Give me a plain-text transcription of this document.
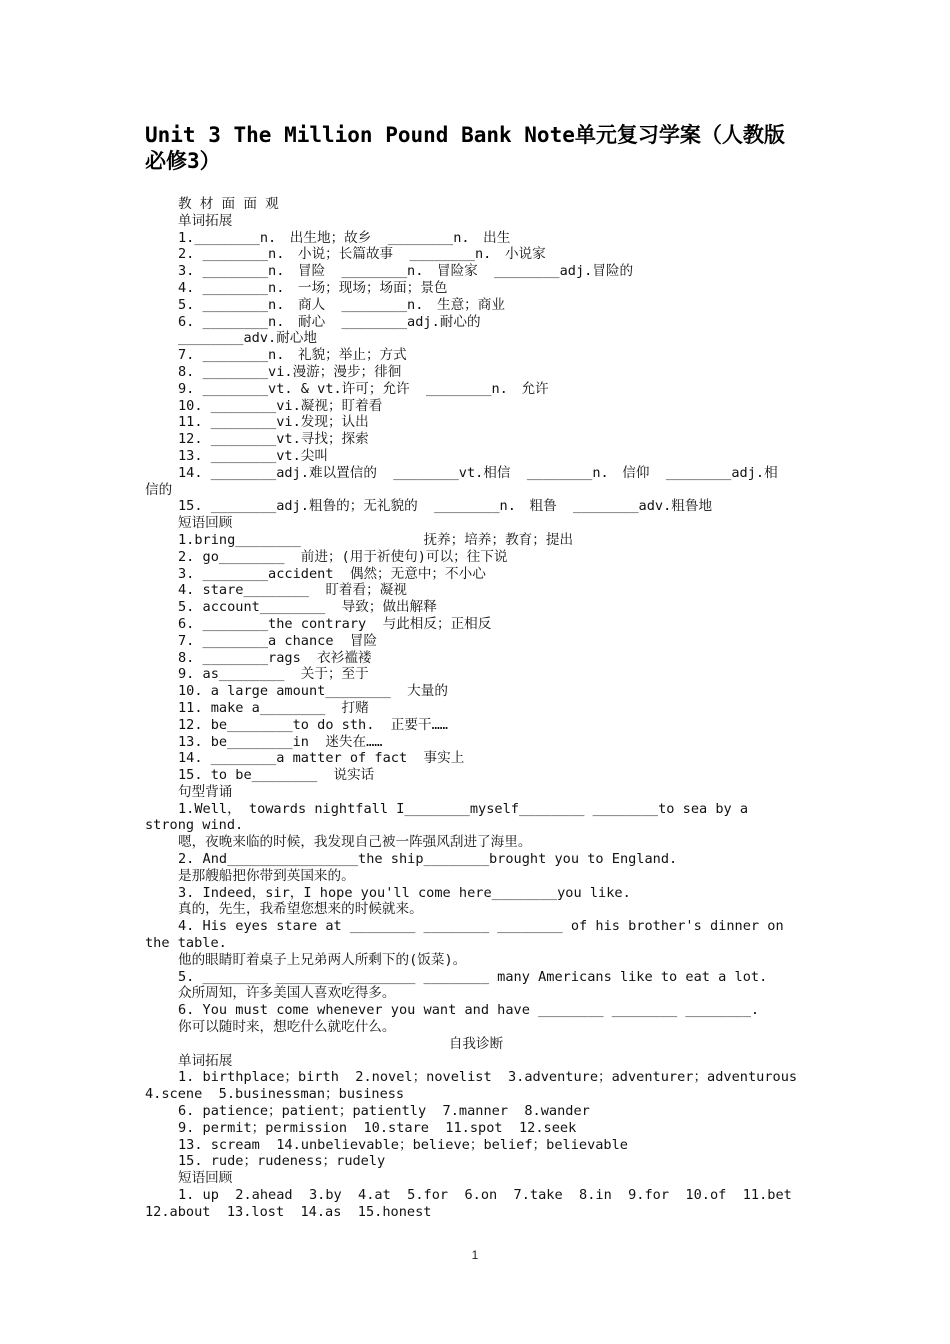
Unit 3 The Million Pound Bank Note单元复习学案（人教版
必修3）
教 材 面 面 观
单词拓展
1.________n.　出生地；故乡  ________n.　出生
2. ________n.　小说；长篇故事  ________n.　小说家
3. ________n.　冒险  ________n.　冒险家  ________adj.冒险的
4. ________n.　一场；现场；场面；景色
5. ________n.　商人  ________n.　生意；商业
6. ________n.　耐心  ________adj.耐心的
________adv.耐心地
7. ________n.　礼貌；举止；方式
8. ________vi.漫游；漫步；徘徊
9. ________vt. & vt.许可；允许  ________n.　允许
10. ________vi.凝视；盯着看
11. ________vi.发现；认出
12. ________vt.寻找；探索
13. ________vt.尖叫
14. ________adj.难以置信的  ________vt.相信  ________n.　信仰  ________adj.相
信的
15. ________adj.粗鲁的；无礼貌的  ________n.　粗鲁  ________adv.粗鲁地
短语回顾
1.bring________               抚养；培养；教育；提出
2. go________  前进；(用于祈使句)可以；往下说
3. ________accident  偶然；无意中；不小心
4. stare________  盯着看；凝视
5. account________  导致；做出解释
6. ________the contrary  与此相反；正相反
7. ________a chance  冒险
8. ________rags  衣衫褴褛
9. as________  关于；至于
10. a large amount________  大量的
11. make a________  打赌
12. be________to do sth.  正要干……
13. be________in  迷失在……
14. ________a matter of fact  事实上
15. to be________  说实话
句型背诵
1.Well， towards nightfall I________myself________ ________to sea by a
strong wind.
嗯，夜晚来临的时候，我发现自己被一阵强风刮进了海里。
2. And________________the ship________brought you to England.
是那艘船把你带到英国来的。
3. Indeed，sir，I hope you'll come here________you like.
真的，先生，我希望您想来的时候就来。
4. His eyes stare at ________ ________ ________ of his brother's dinner on
the table.
他的眼睛盯着桌子上兄弟两人所剩下的(饭菜)。
5. ________ ________ ________ ________ many Americans like to eat a lot.
众所周知，许多美国人喜欢吃得多。
6. You must come whenever you want and have ________ ________ ________.
你可以随时来，想吃什么就吃什么。
自我诊断
单词拓展
1. birthplace；birth  2.novel；novelist  3.adventure；adventurer；adventurous
4.scene  5.businessman；business
6. patience；patient；patiently  7.manner  8.wander
9. permit；permission  10.stare  11.spot  12.seek
13. scream  14.unbelievable；believe；belief；believable
15. rude；rudeness；rudely
短语回顾
1. up  2.ahead  3.by  4.at  5.for  6.on  7.take  8.in  9.for  10.of  11.bet
12.about  13.lost  14.as  15.honest
1
